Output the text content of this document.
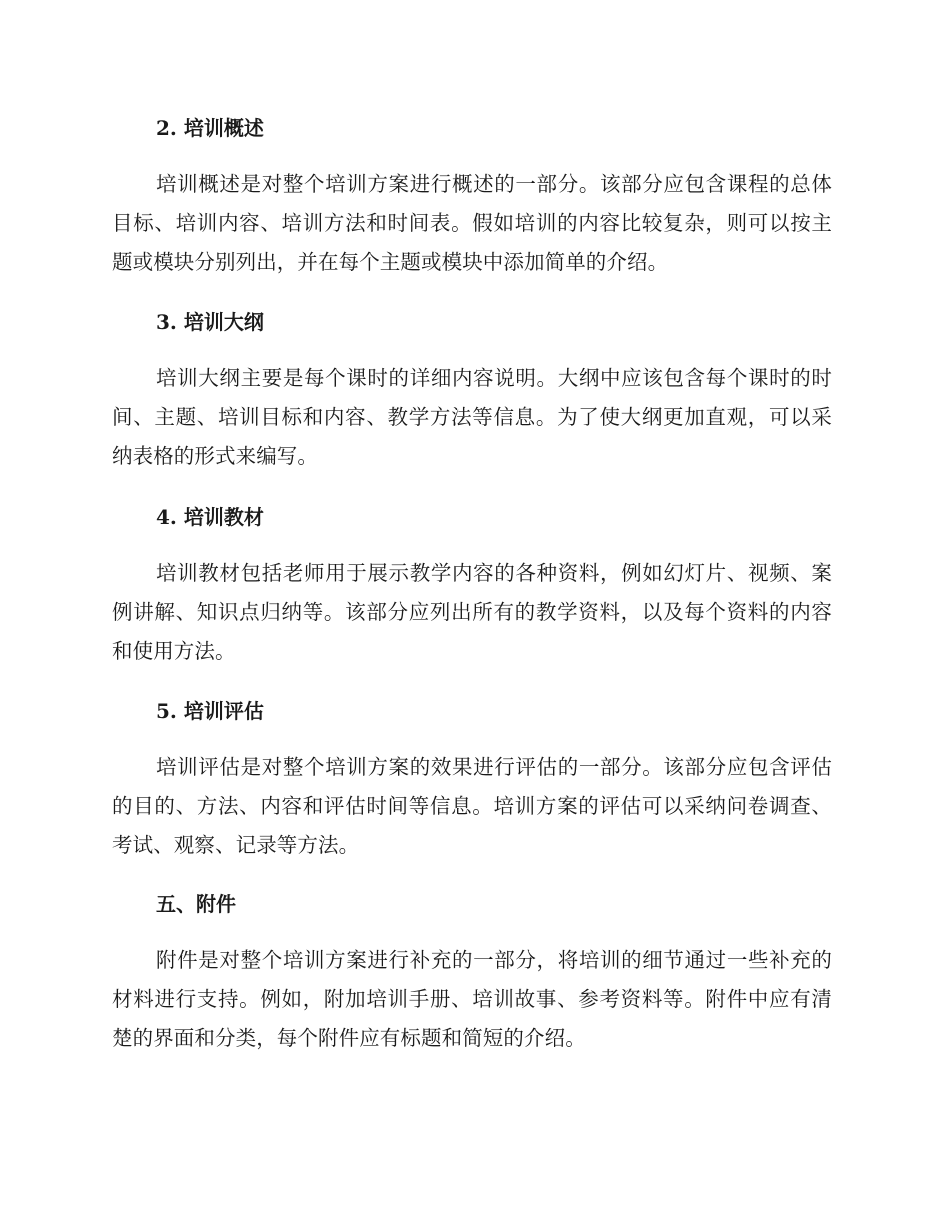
2. 培训概述

培训概述是对整个培训方案进行概述的一部分。该部分应包含课程的总体目标、培训内容、培训方法和时间表。假如培训的内容比较复杂，则可以按主题或模块分别列出，并在每个主题或模块中添加简单的介绍。

3. 培训大纲

培训大纲主要是每个课时的详细内容说明。大纲中应该包含每个课时的时间、主题、培训目标和内容、教学方法等信息。为了使大纲更加直观，可以采纳表格的形式来编写。

4. 培训教材

培训教材包括老师用于展示教学内容的各种资料，例如幻灯片、视频、案例讲解、知识点归纳等。该部分应列出所有的教学资料，以及每个资料的内容和使用方法。

5. 培训评估

培训评估是对整个培训方案的效果进行评估的一部分。该部分应包含评估的目的、方法、内容和评估时间等信息。培训方案的评估可以采纳问卷调查、考试、观察、记录等方法。

五、附件

附件是对整个培训方案进行补充的一部分，将培训的细节通过一些补充的材料进行支持。例如，附加培训手册、培训故事、参考资料等。附件中应有清楚的界面和分类，每个附件应有标题和简短的介绍。
